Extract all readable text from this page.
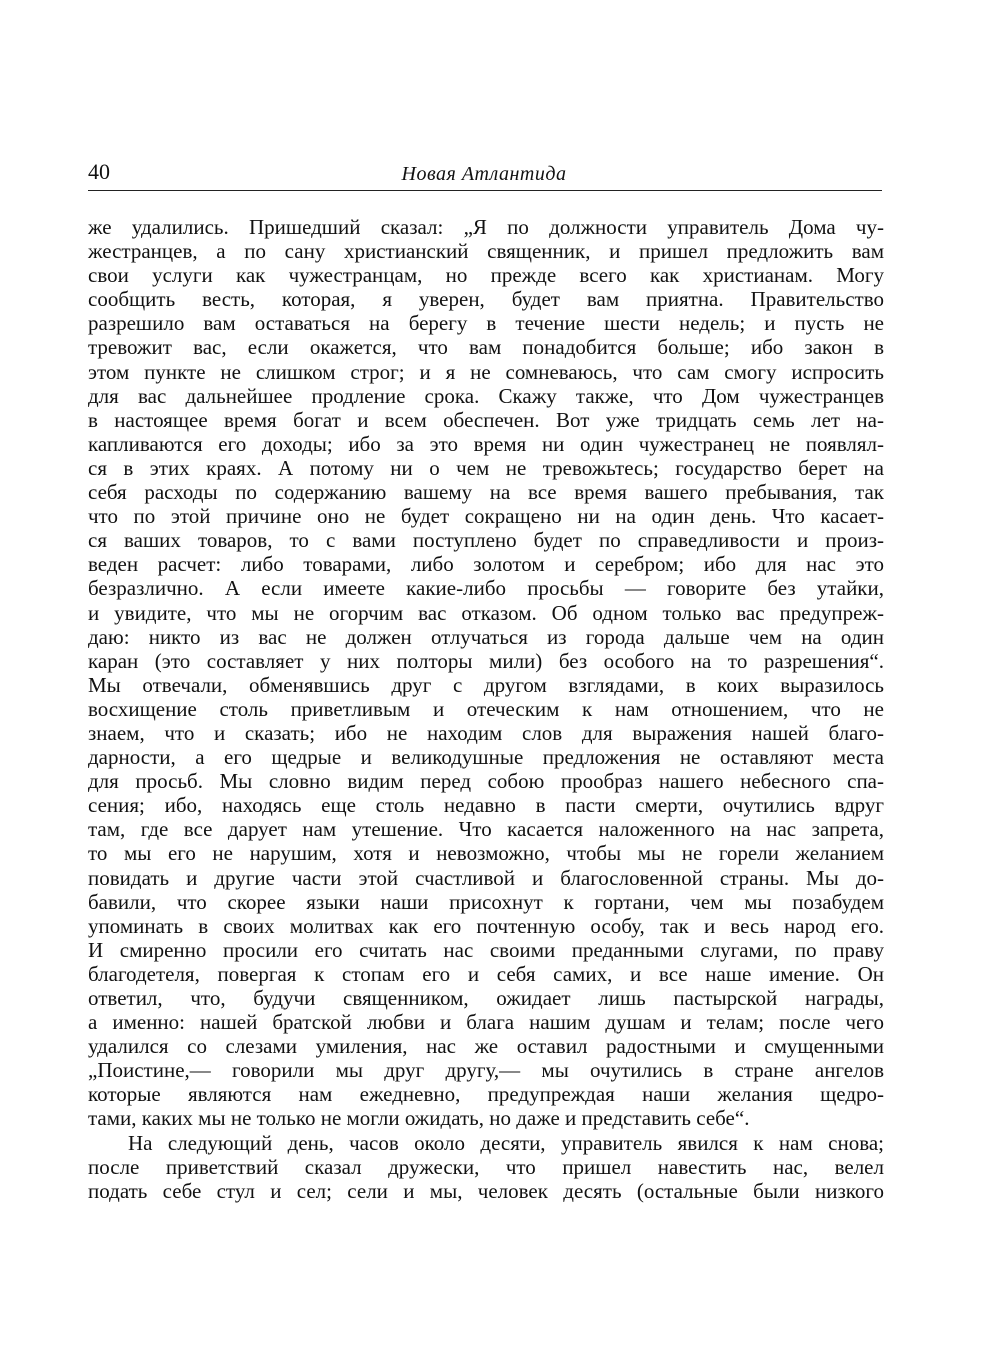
40	Новая Атлантида
же удалились. Пришедший сказал: „Я по должности управитель Дома чу-
жестранцев, а по сану христианский священник, и пришел предложить вам
свои услуги как чужестранцам, но прежде всего как христианам. Могу
сообщить весть, которая, я уверен, будет вам приятна. Правительство
разрешило вам оставаться на берегу в течение шести недель; и пусть не
тревожит вас, если окажется, что вам понадобится больше; ибо закон в
этом пункте не слишком строг; и я не сомневаюсь, что сам смогу испросить
для вас дальнейшее продление срока. Скажу также, что Дом чужестранцев
в настоящее время богат и всем обеспечен. Вот уже тридцать семь лет на-
капливаются его доходы; ибо за это время ни один чужестранец не появлял-
ся в этих краях. А потому ни о чем не тревожьтесь; государство берет на
себя расходы по содержанию вашему на все время вашего пребывания, так
что по этой причине оно не будет сокращено ни на один день. Что касает-
ся ваших товаров, то с вами поступлено будет по справедливости и произ-
веден расчет: либо товарами, либо золотом и серебром; ибо для нас это
безразлично. А если имеете какие-либо просьбы — говорите без утайки,
и увидите, что мы не огорчим вас отказом. Об одном только вас предупреж-
даю: никто из вас не должен отлучаться из города дальше чем на один
каран (это составляет у них полторы мили) без особого на то разрешения“.
Мы отвечали, обменявшись друг с другом взглядами, в коих выразилось
восхищение столь приветливым и отеческим к нам отношением, что не
знаем, что и сказать; ибо не находим слов для выражения нашей благо-
дарности, а его щедрые и великодушные предложения не оставляют места
для просьб. Мы словно видим перед собою прообраз нашего небесного спа-
сения; ибо, находясь еще столь недавно в пасти смерти, очутились вдруг
там, где все дарует нам утешение. Что касается наложенного на нас запрета,
то мы его не нарушим, хотя и невозможно, чтобы мы не горели желанием
повидать и другие части этой счастливой и благословенной страны. Мы до-
бавили, что скорее языки наши присохнут к гортани, чем мы позабудем
упоминать в своих молитвах как его почтенную особу, так и весь народ его.
И смиренно просили его считать нас своими преданными слугами, по праву
благодетеля, повергая к стопам его и себя самих, и все наше имение. Он
ответил, что, будучи священником, ожидает лишь пастырской награды,
а именно: нашей братской любви и блага нашим душам и телам; после чего
удалился со слезами умиления, нас же оставил радостными и смущенными
„Поистине,— говорили мы друг другу,— мы очутились в стране ангелов
которые являются нам ежедневно, предупреждая наши желания щедро-
тами, каких мы не только не могли ожидать, но даже и представить себе“.
На следующий день, часов около десяти, управитель явился к нам снова;
после приветствий сказал дружески, что пришел навестить нас, велел
подать себе стул и сел; сели и мы, человек десять (остальные были низкого
